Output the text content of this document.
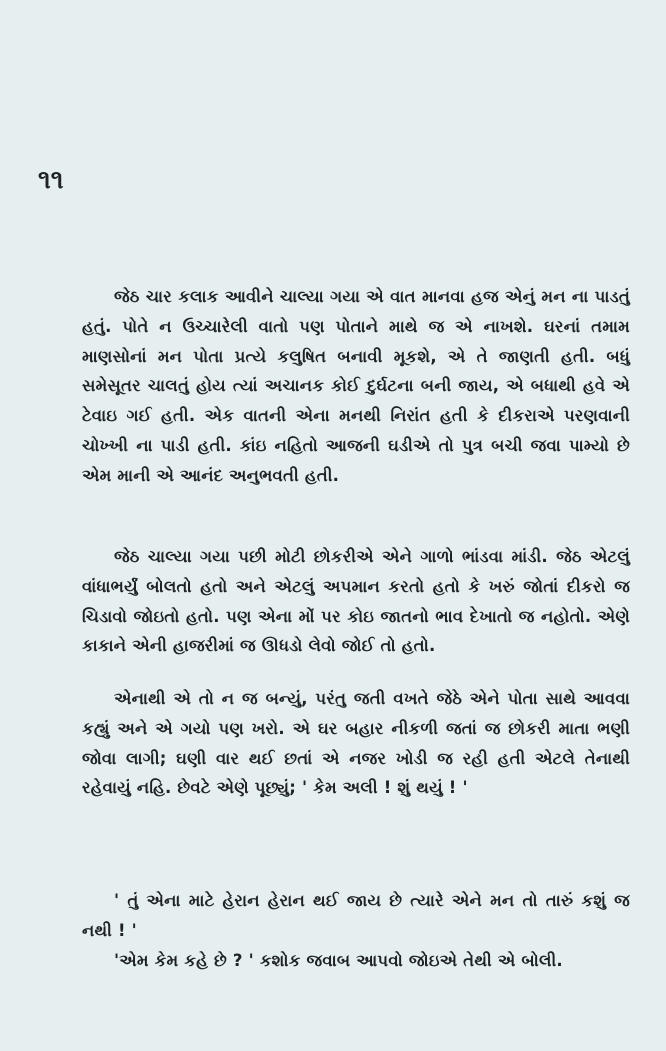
૧૧

જેઠ ચાર કલાક આવીને ચાલ્યા ગયા એ વાત માનવા હજ એનું મન ના પાડતું હતું. પોતે ન ઉચ્ચારેલી વાતો પણ પોતાને માથે જ એ નાખશે. ઘરનાં તમામ માણસોનાં મન પોતા પ્રત્યે કલુષિત બનાવી મૂકશે, એ તે જાણતી હતી. બધું સમેસૂતર ચાલતું હોય ત્યાં અચાનક કોઈ દુર્ઘટના બની જાય, એ બધાથી હવે એ ટેવાઇ ગઈ હતી. એક વાતની એના મનથી નિરાંત હતી કે દીકરાએ પરણવાની ચોખ્ખી ના પાડી હતી. કાંઇ નહિતો આજની ઘડીએ તો પુત્ર બચી જવા પામ્યો છે એમ માની એ આનંદ અનુભવતી હતી.

જેઠ ચાલ્યા ગયા પછી મોટી છોકરીએ એને ગાળો ભાંડવા માંડી. જેઠ એટલું વાંધાભર્યું બોલતો હતો અને એટલું અપમાન કરતો હતો કે ખરું જોતાં દીકરો જ ચિડાવો જોઇતો હતો. પણ એના મોં પર કોઇ જાતનો ભાવ દેખાતો જ નહોતો. એણે કાકાને એની હાજરીમાં જ ઊધડો લેવો જોઈ તો હતો.

એનાથી એ તો ન જ બન્યું, પરંતુ જતી વખતે જેઠે એને પોતા સાથે આવવા કહ્યું અને એ ગયો પણ ખરો. એ ઘર બહાર નીકળી જતાં જ છોકરી માતા ભણી જોવા લાગી; ઘણી વાર થઈ છતાં એ નજર ખોડી જ રહી હતી એટલે તેનાથી રહેવાયું નહિ. છેવટે એણે પૂછ્યું; ' કેમ અલી ! શું થયું ! '

' તું એના માટે હેરાન હેરાન થઈ જાય છે ત્યારે એને મન તો તારું કશું જ નથી ! '

'એમ કેમ કહે છે ? ' કશોક જવાબ આપવો જોઇએ તેથી એ બોલી.
